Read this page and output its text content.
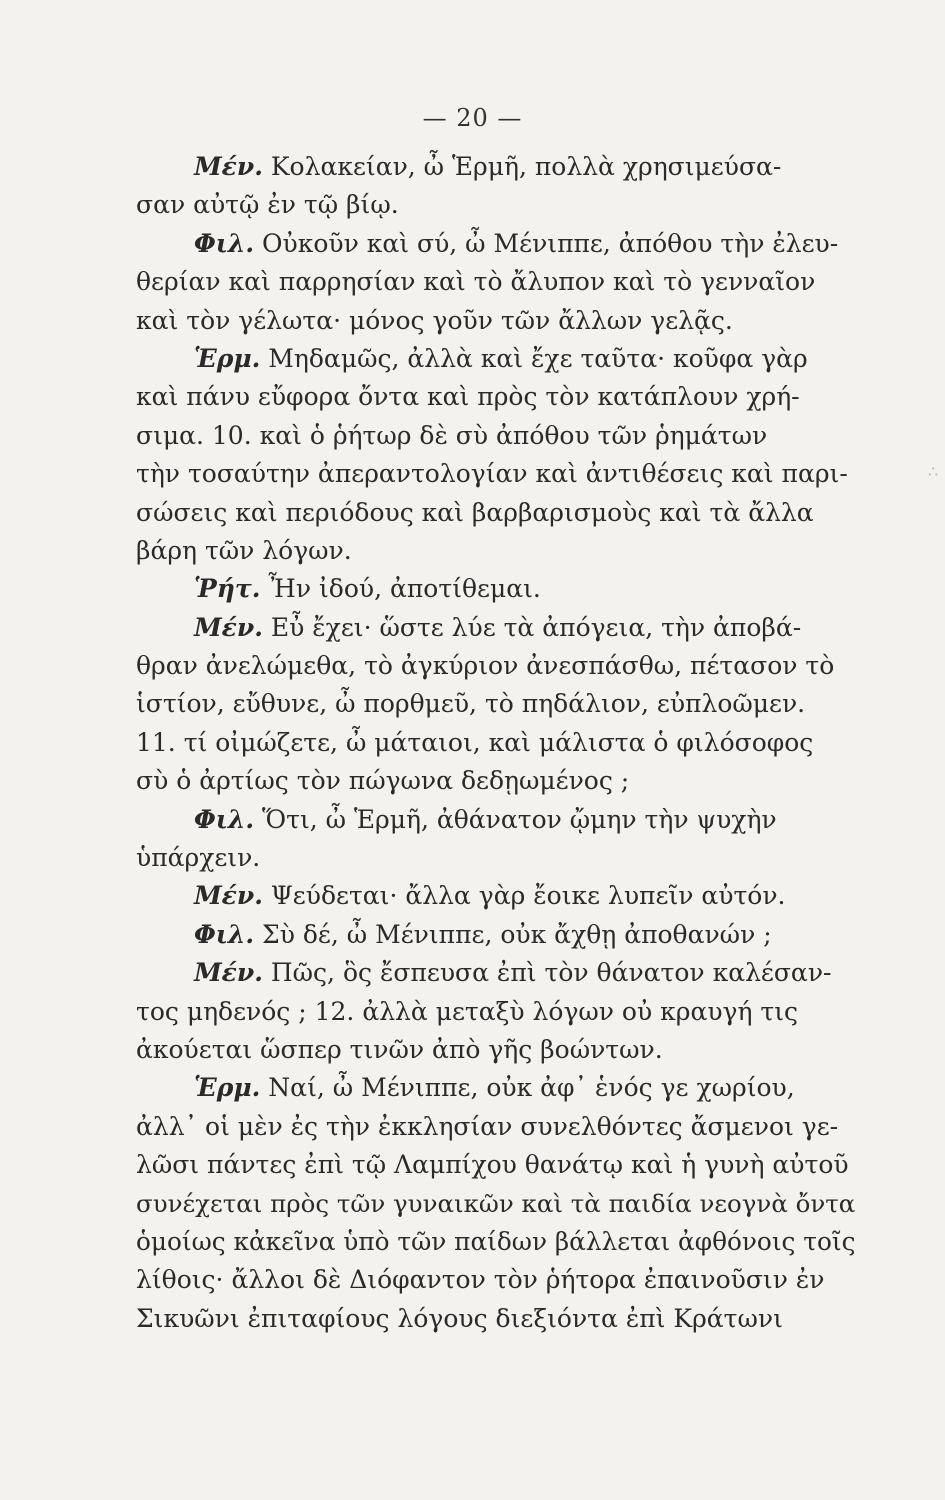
— 20 —
∴
Μέν. Κολακείαν, ὦ Ἑρμῆ, πολλὰ χρησιμεύσα-
σαν αὐτῷ ἐν τῷ βίῳ.
Φιλ. Οὐκοῦν καὶ σύ, ὦ Μένιππε, ἀπόθου τὴν ἐλευ-
θερίαν καὶ παρρησίαν καὶ τὸ ἄλυπον καὶ τὸ γενναῖον
καὶ τὸν γέλωτα· μόνος γοῦν τῶν ἄλλων γελᾷς.
Ἑρμ. Μηδαμῶς, ἀλλὰ καὶ ἔχε ταῦτα· κοῦφα γὰρ
καὶ πάνυ εὔφορα ὄντα καὶ πρὸς τὸν κατάπλουν χρή-
σιμα. 10. καὶ ὁ ῥήτωρ δὲ σὺ ἀπόθου τῶν ῥημάτων
τὴν τοσαύτην ἀπεραντολογίαν καὶ ἀντιθέσεις καὶ παρι-
σώσεις καὶ περιόδους καὶ βαρβαρισμοὺς καὶ τὰ ἄλλα
βάρη τῶν λόγων.
Ῥήτ. Ἦν ἰδού, ἀποτίθεμαι.
Μέν. Εὖ ἔχει· ὥστε λύε τὰ ἀπόγεια, τὴν ἀποβά-
θραν ἀνελώμεθα, τὸ ἀγκύριον ἀνεσπάσθω, πέτασον τὸ
ἱστίον, εὔθυνε, ὦ πορθμεῦ, τὸ πηδάλιον, εὐπλοῶμεν.
11. τί οἰμώζετε, ὦ μάταιοι, καὶ μάλιστα ὁ φιλόσοφος
σὺ ὁ ἀρτίως τὸν πώγωνα δεδῃωμένος ;
Φιλ. Ὅτι, ὦ Ἑρμῆ, ἀθάνατον ᾤμην τὴν ψυχὴν
ὑπάρχειν.
Μέν. Ψεύδεται· ἄλλα γὰρ ἔοικε λυπεῖν αὐτόν.
Φιλ. Σὺ δέ, ὦ Μένιππε, οὐκ ἄχθῃ ἀποθανών ;
Μέν. Πῶς, ὃς ἔσπευσα ἐπὶ τὸν θάνατον καλέσαν-
τος μηδενός ; 12. ἀλλὰ μεταξὺ λόγων οὐ κραυγή τις
ἀκούεται ὥσπερ τινῶν ἀπὸ γῆς βοώντων.
Ἑρμ. Ναί, ὦ Μένιππε, οὐκ ἀφ᾿ ἑνός γε χωρίου,
ἀλλ᾿ οἱ μὲν ἐς τὴν ἐκκλησίαν συνελθόντες ἄσμενοι γε-
λῶσι πάντες ἐπὶ τῷ Λαμπίχου θανάτῳ καὶ ἡ γυνὴ αὐτοῦ
συνέχεται πρὸς τῶν γυναικῶν καὶ τὰ παιδία νεογνὰ ὄντα
ὁμοίως κἀκεῖνα ὑπὸ τῶν παίδων βάλλεται ἀφθόνοις τοῖς
λίθοις· ἄλλοι δὲ Διόφαντον τὸν ῥήτορα ἐπαινοῦσιν ἐν
Σικυῶνι ἐπιταφίους λόγους διεξιόντα ἐπὶ Κράτωνι
